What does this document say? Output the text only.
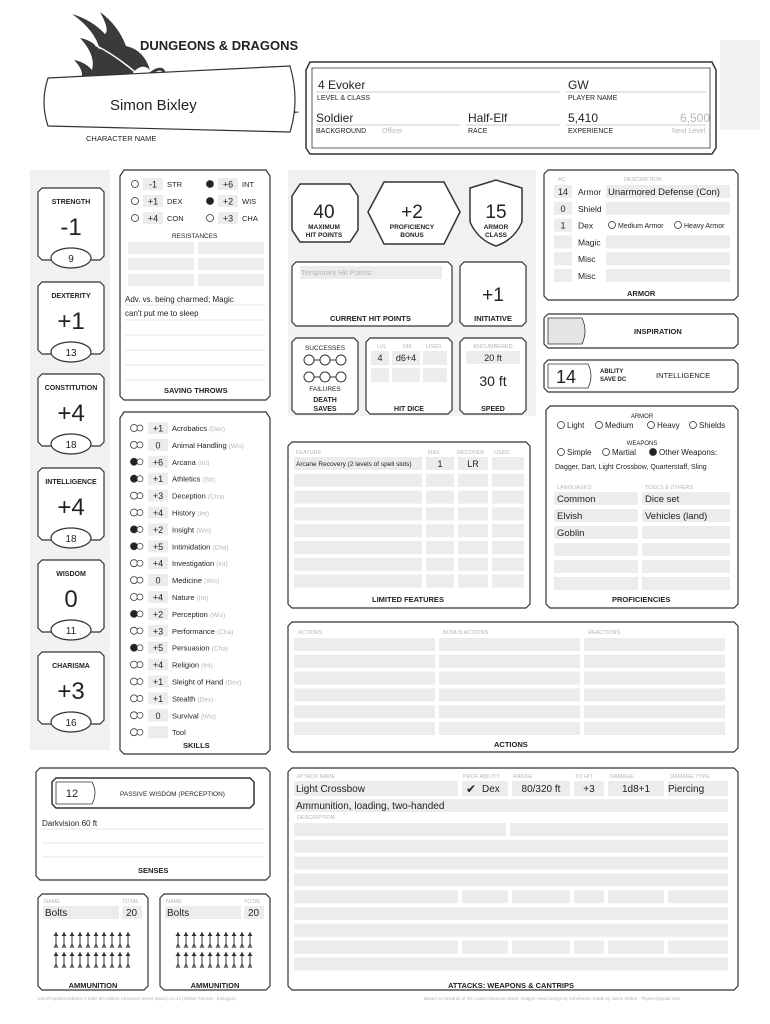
DUNGEONS & DRAGONS
Simon Bixley
CHARACTER NAME
4 Evoker
LEVEL & CLASS
GW
PLAYER NAME
Soldier
BACKGROUND Officer
Half-Elf
RACE
5,410
EXPERIENCE
6,500
Next Level
STRENGTH
-1
9
DEXTERITY
+1
13
CONSTITUTION
+4
18
INTELLIGENCE
+4
18
WISDOM
0
11
CHARISMA
+3
16
-1 STR
+1 DEX
+4 CON
+6 INT
+2 WIS
+3 CHA
RESISTANCES
Adv. vs. being charmed; Magic
can't put me to sleep
SAVING THROWS
+1 Acrobatics (Dex)
0 Animal Handling (Wis)
+6 Arcana (Int)
+1 Athletics (Str)
+3 Deception (Cha)
+4 History (Int)
+2 Insight (Wis)
+5 Intimidation (Cha)
+4 Investigation (Int)
0 Medicine (Wis)
+4 Nature (Int)
+2 Perception (Wis)
+3 Performance (Cha)
+5 Persuasion (Cha)
+4 Religion (Int)
+1 Sleight of Hand (Dex)
+1 Stealth (Dex)
0 Survival (Wis)
Tool
SKILLS
40
MAXIMUM
HIT POINTS
+2
PROFICIENCY
BONUS
15
ARMOR
CLASS
Temporary Hit Points:
CURRENT HIT POINTS
+1
INITIATIVE
SUCCESSES
FAILURES
DEATH
SAVES
LVL	DIE	USED
4 d6+4
HIT DICE
ENCUMBERED
20 ft
30 ft
SPEED
AC	DESCRIPTION
14 Armor Unarmored Defense (Con)
0 Shield
1 Dex
Magic
Misc
Misc
Medium Armor	Heavy Armor
ARMOR
INSPIRATION
14	ABILITY
SAVE DC	INTELLIGENCE
ARMOR
Light	Medium	Heavy Shields
WEAPONS
Simple	Martial	Other Weapons:
Dagger, Dart, Light Crossbow, Quarterstaff, Sling
LANGUAGES	TOOLS & OTHERS
Common	Dice set
Elvish	Vehicles (land)
Goblin
PROFICIENCIES
FEATURE	MAX	RECOVER USED
Arcane Recovery (2 levels of spell slots)	1	LR
LIMITED FEATURES
ACTIONS	BONUS ACTIONS	REACTIONS
ACTIONS
12	PASSIVE WISDOM (PERCEPTION)
Darkvision 60 ft
SENSES
NAME	TOTAL
Bolts	20
AMMUNITION
NAME	TOTAL
Bolts	20
AMMUNITION
ATTACK NAME	PROF ABILITY RANGE	TO HIT	DAMAGE	DAMAGE TYPE
Light Crossbow	✔ Dex 80/320 ft +3	1d8+1 Piercing
Ammunition, loading, two-handed
DESCRIPTION
ATTACKS: WEAPONS & CANTRIPS
MorePurpleMoreBetter's D&D 5th edition Character Sheet (Basic) v1.41 (Winter Friends - Epilogue)	Based on Wizards of the Coast character sheet. Dragon Head design by Ashelrenin, made by Jason Wiltert - Pkyker@gmail.com
